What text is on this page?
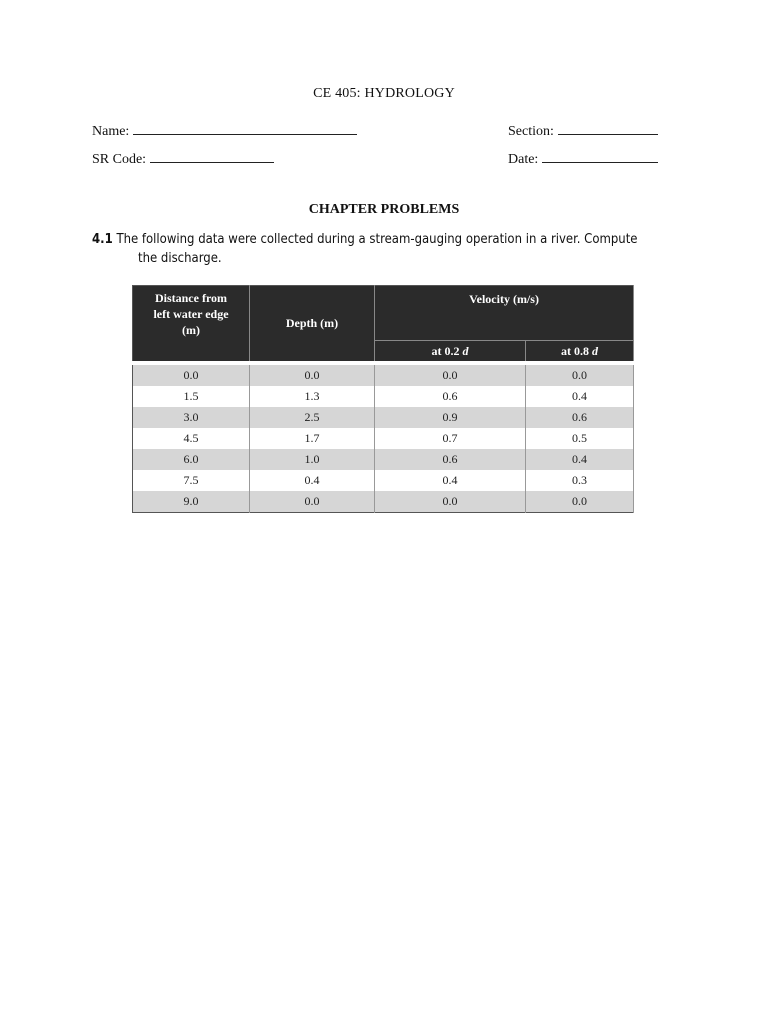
CE 405: HYDROLOGY
Name:	Section:
SR Code:	Date:
CHAPTER PROBLEMS
4.1 The following data were collected during a stream-gauging operation in a river. Compute
the discharge.
Distance from
left water edge
(m)	Depth (m)	Velocity (m/s)	
		at 0.2 d	at 0.8 d
0.0	0.0	0.0	0.0
1.5	1.3	0.6	0.4
3.0	2.5	0.9	0.6
4.5	1.7	0.7	0.5
6.0	1.0	0.6	0.4
7.5	0.4	0.4	0.3
9.0	0.0	0.0	0.0
